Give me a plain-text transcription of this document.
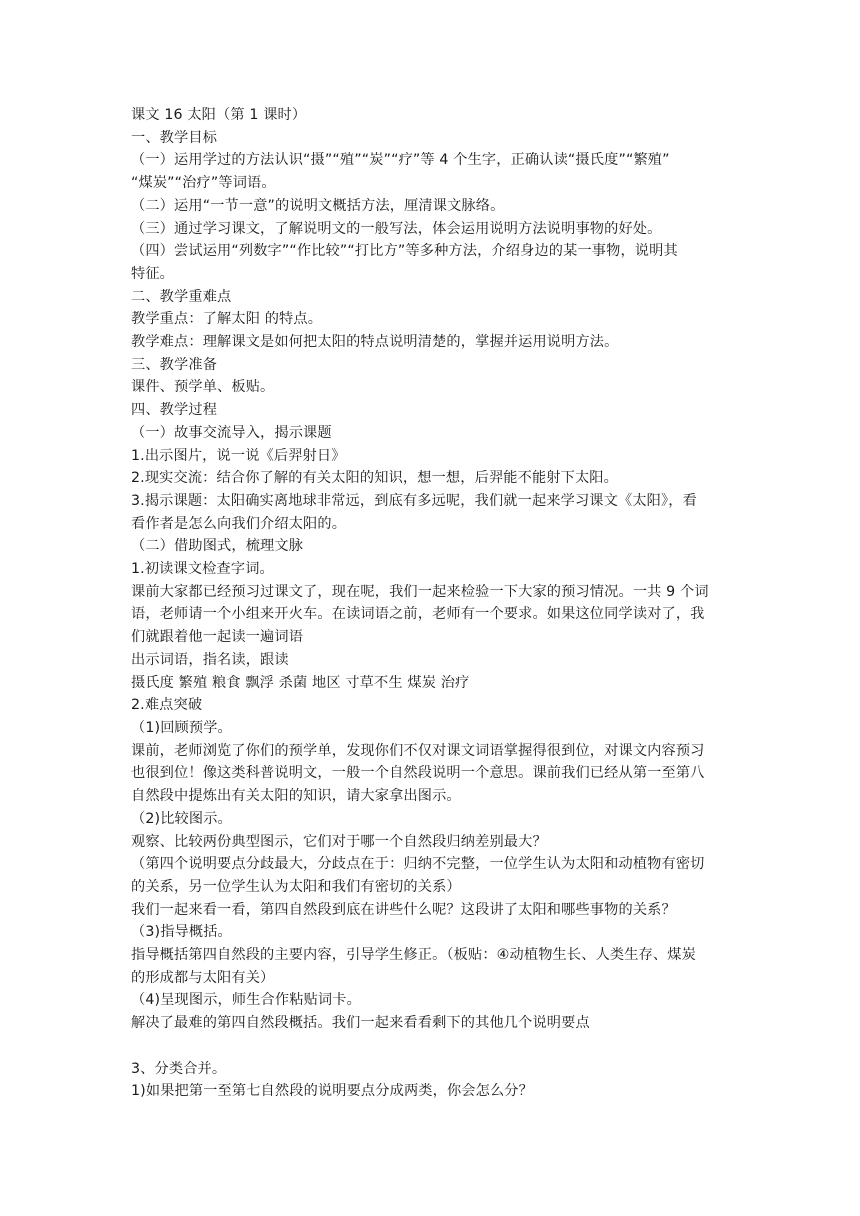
课文 16 太阳（第 1 课时）

一、教学目标

（一）运用学过的方法认识“摄”“殖”“炭”“疗”等 4 个生字，正确认读“摄氏度”“繁殖”

“煤炭”“治疗”等词语。

（二）运用“一节一意”的说明文概括方法，厘清课文脉络。

（三）通过学习课文，了解说明文的一般写法，体会运用说明方法说明事物的好处。

（四）尝试运用“列数字”“作比较”“打比方”等多种方法，介绍身边的某一事物，说明其

特征。

二、教学重难点

教学重点：了解太阳 的特点。

教学难点：理解课文是如何把太阳的特点说明清楚的，掌握并运用说明方法。

三、教学准备

课件、预学单、板贴。

四、教学过程

（一）故事交流导入，揭示课题

1.出示图片，说一说《后羿射日》

2.现实交流：结合你了解的有关太阳的知识，想一想，后羿能不能射下太阳。

3.揭示课题：太阳确实离地球非常远，到底有多远呢，我们就一起来学习课文《太阳》，看

看作者是怎么向我们介绍太阳的。

（二）借助图式，梳理文脉

1.初读课文检查字词。

课前大家都已经预习过课文了，现在呢，我们一起来检验一下大家的预习情况。一共 9 个词

语，老师请一个小组来开火车。在读词语之前，老师有一个要求。如果这位同学读对了，我

们就跟着他一起读一遍词语

出示词语，指名读，跟读

摄氏度 繁殖 粮食 飘浮 杀菌 地区 寸草不生 煤炭 治疗

2.难点突破

（1)回顾预学。

课前，老师浏览了你们的预学单，发现你们不仅对课文词语掌握得很到位，对课文内容预习

也很到位！像这类科普说明文，一般一个自然段说明一个意思。课前我们已经从第一至第八

自然段中提炼出有关太阳的知识，请大家拿出图示。

（2)比较图示。

观察、比较两份典型图示，它们对于哪一个自然段归纳差别最大？

（第四个说明要点分歧最大，分歧点在于：归纳不完整，一位学生认为太阳和动植物有密切

的关系，另一位学生认为太阳和我们有密切的关系）

我们一起来看一看，第四自然段到底在讲些什么呢？这段讲了太阳和哪些事物的关系？

（3)指导概括。

指导概括第四自然段的主要内容，引导学生修正。（板贴：④动植物生长、人类生存、煤炭

的形成都与太阳有关）

（4)呈现图示，师生合作粘贴词卡。

解决了最难的第四自然段概括。我们一起来看看剩下的其他几个说明要点

3、分类合并。

1)如果把第一至第七自然段的说明要点分成两类，你会怎么分？
